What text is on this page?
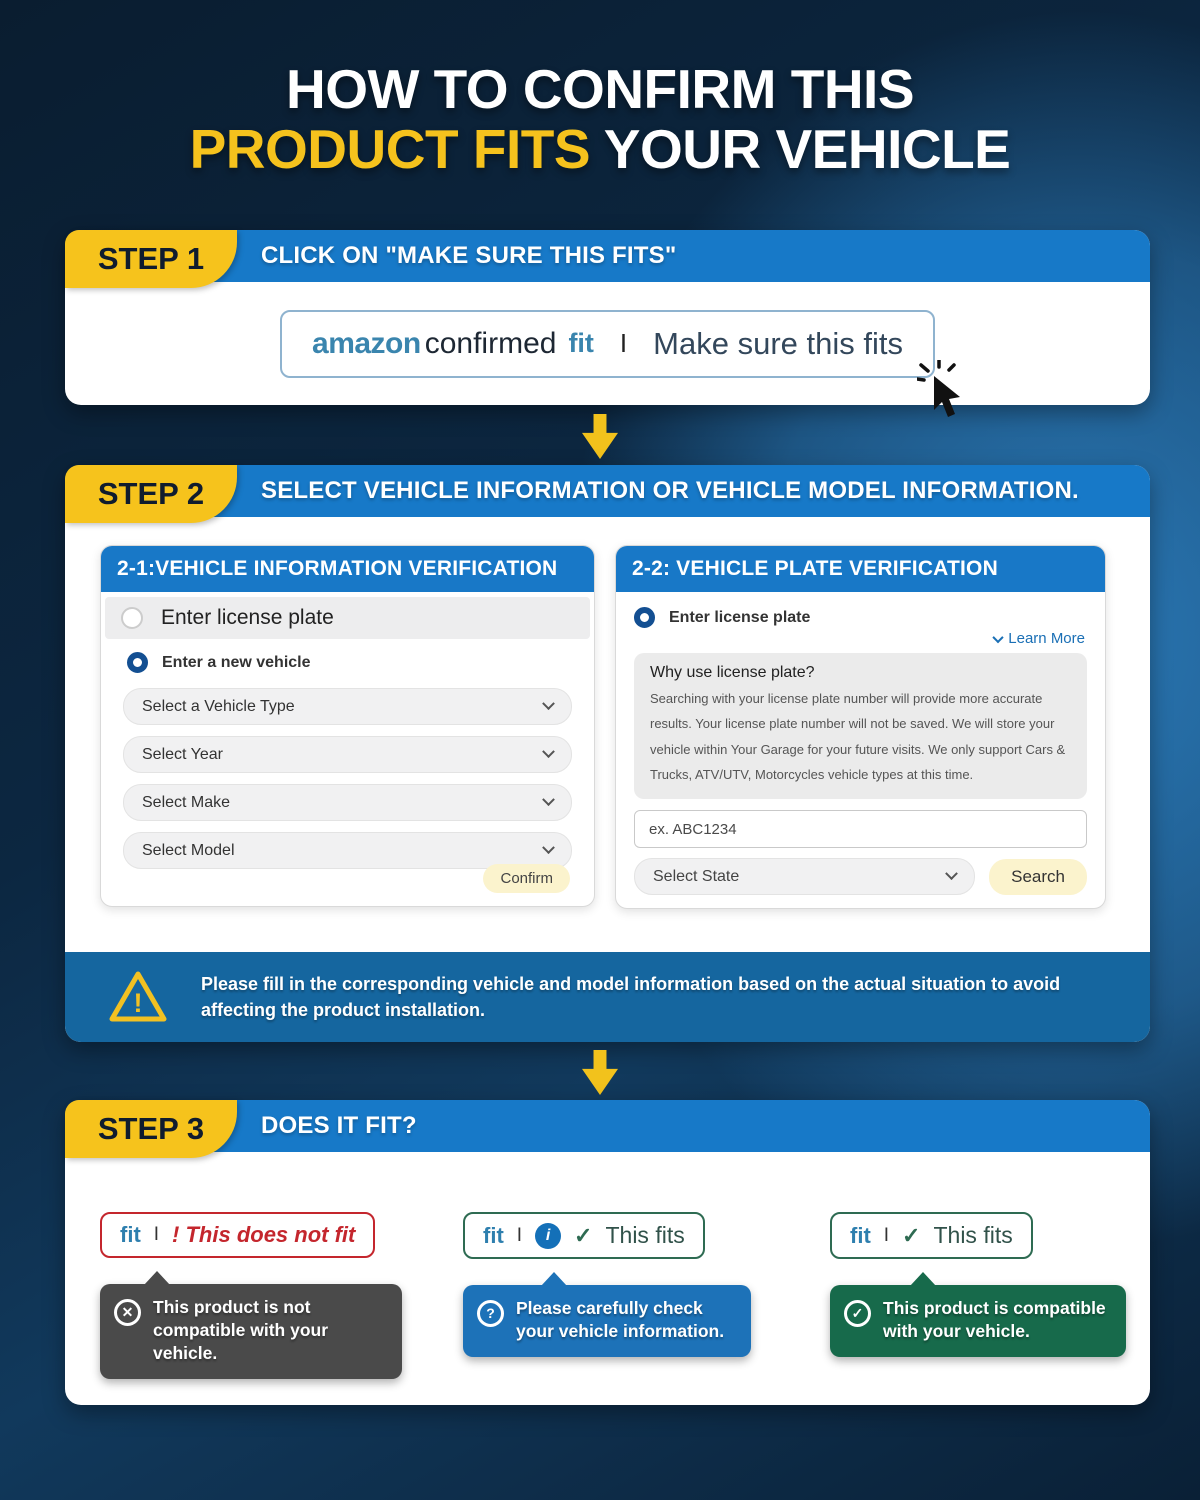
HOW TO CONFIRM THIS
PRODUCT FITS YOUR VEHICLE
STEP 1	CLICK ON "MAKE SURE THIS FITS"
amazon confirmed fit I Make sure this fits
STEP 2	SELECT VEHICLE INFORMATION OR VEHICLE MODEL INFORMATION.
2-1:VEHICLE INFORMATION VERIFICATION
Enter license plate
Enter a new vehicle
Select a Vehicle Type
Select Year
Select Make
Select Model
Confirm
2-2: VEHICLE PLATE VERIFICATION
Enter license plate
Learn More
Why use license plate?
Searching with your license plate number will provide more accurate results. Your license plate number will not be saved. We will store your vehicle within Your Garage for your future visits. We only support Cars & Trucks, ATV/UTV, Motorcycles vehicle types at this time.
ex. ABC1234
Select State	Search
!
Please fill in the corresponding vehicle and model information based on the actual situation to avoid affecting the product installation.
STEP 3	DOES IT FIT?
fit I ! This does not fit
✕	This product is not compatible with your vehicle.
fit I	i	✓ This fits
?	Please carefully check your vehicle information.
fit I ✓ This fits
✓	This product is compatible with your vehicle.
